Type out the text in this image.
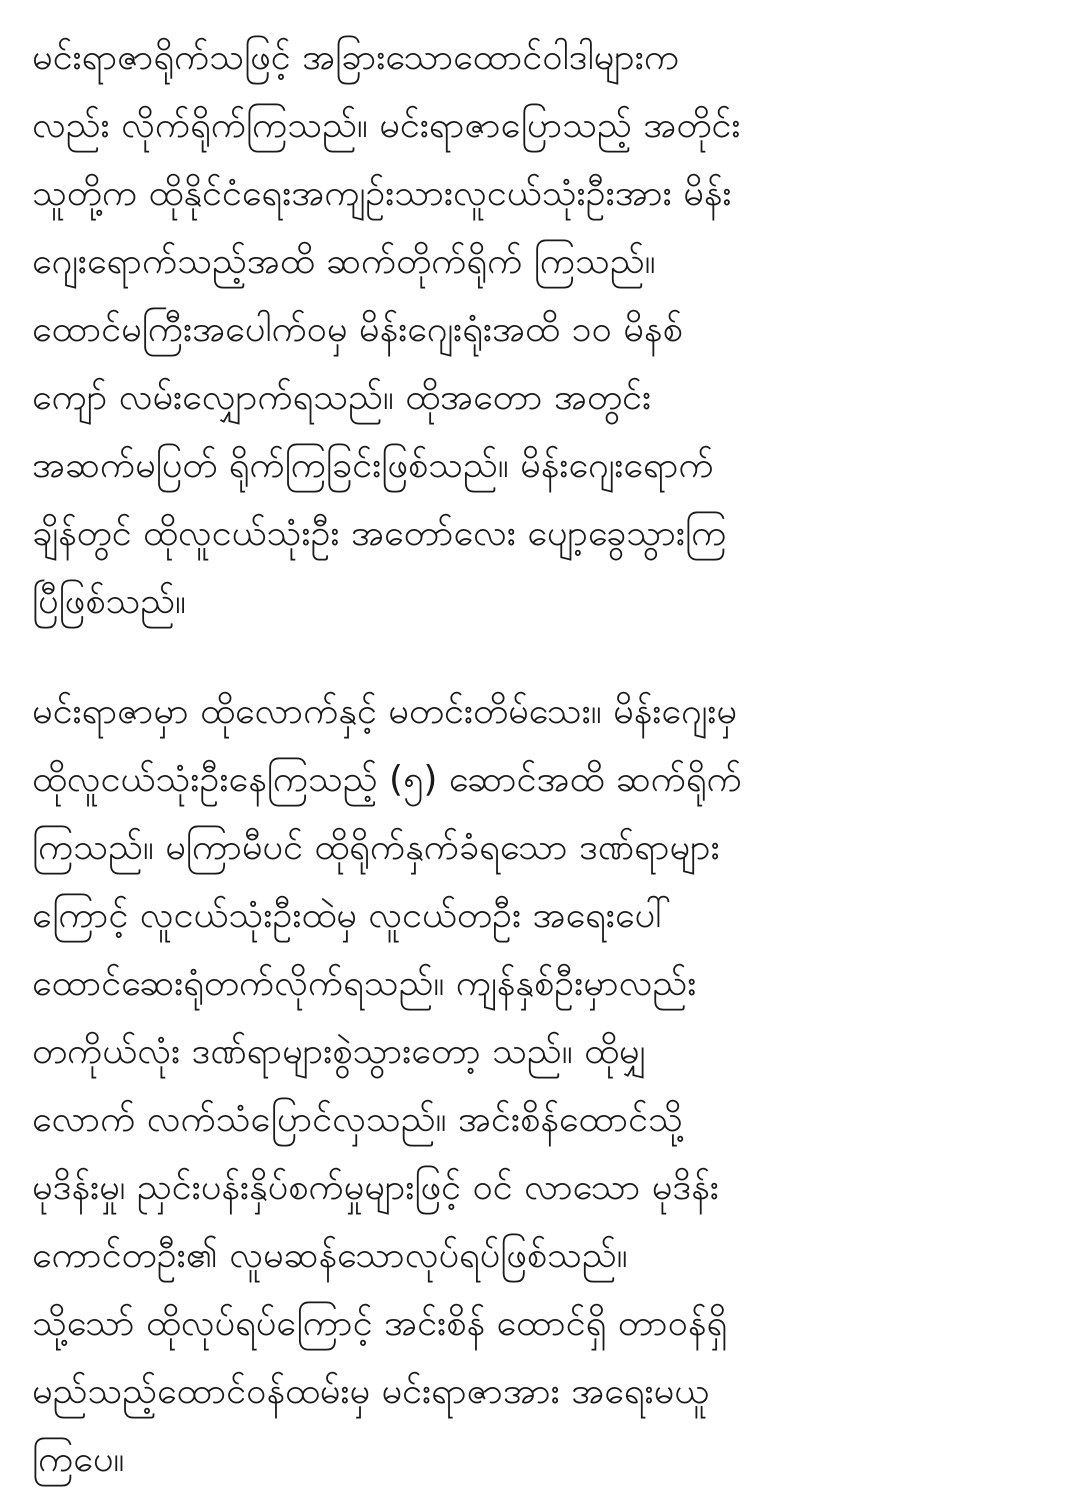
မင်းရာဇာရိုက်သဖြင့် အခြားသောထောင်ဝါဒါများက
လည်း လိုက်ရိုက်ကြသည်။ မင်းရာဇာပြောသည့် အတိုင်း
သူတို့က ထိုနိုင်ငံရေးအကျဉ်းသားလူငယ်သုံးဦးအား မိန်း
ဂျေးရောက်သည့်အထိ ဆက်တိုက်ရိုက် ကြသည်။
ထောင်မကြီးအပေါက်ဝမှ မိန်းဂျေးရုံးအထိ ၁၀ မိနစ်
ကျော် လမ်းလျှောက်ရသည်။ ထိုအတော အတွင်း
အဆက်မပြတ် ရိုက်ကြခြင်းဖြစ်သည်။ မိန်းဂျေးရောက်
ချိန်တွင် ထိုလူငယ်သုံးဦး အတော်လေး ပျော့ခွေသွားကြ
ပြီဖြစ်သည်။
မင်းရာဇာမှာ ထိုလောက်နှင့် မတင်းတိမ်သေး။ မိန်းဂျေးမှ
ထိုလူငယ်သုံးဦးနေကြသည့် (၅) ဆောင်အထိ ဆက်ရိုက်
ကြသည်။ မကြာမီပင် ထိုရိုက်နှက်ခံရသော ဒဏ်ရာများ
ကြောင့် လူငယ်သုံးဦးထဲမှ လူငယ်တဦး အရေးပေါ်
ထောင်ဆေးရုံတက်လိုက်ရသည်။ ကျန်နှစ်ဦးမှာလည်း
တကိုယ်လုံး ဒဏ်ရာများစွဲသွားတော့ သည်။ ထိုမျှ
လောက် လက်သံပြောင်လှသည်။ အင်းစိန်ထောင်သို့
မုဒိန်းမှု၊ ညှင်းပန်းနှိပ်စက်မှုများဖြင့် ဝင် လာသော မုဒိန်း
ကောင်တဦး၏ လူမဆန်သောလုပ်ရပ်ဖြစ်သည်။
သို့သော် ထိုလုပ်ရပ်ကြောင့် အင်းစိန် ထောင်ရှိ တာဝန်ရှိ
မည်သည့်ထောင်ဝန်ထမ်းမှ မင်းရာဇာအား အရေးမယူ
ကြပေ။
